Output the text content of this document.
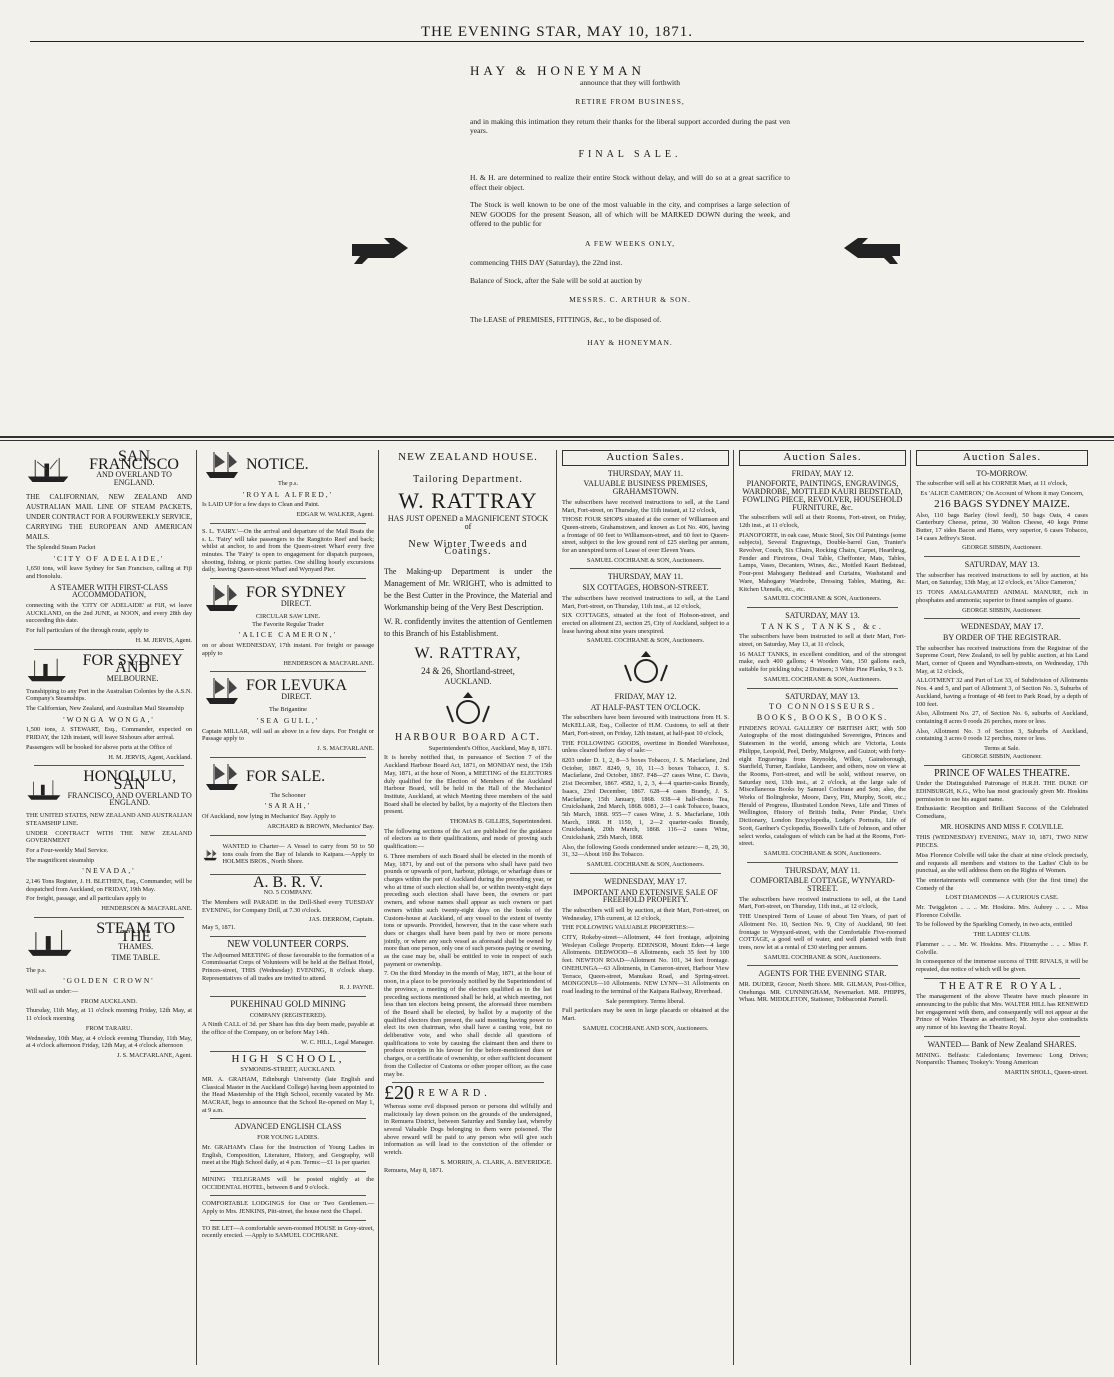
THE EVENING STAR, MAY 10, 1871.
HAY & HONEYMAN
announce that they will forthwith
RETIRE FROM BUSINESS,

and in making this intimation they return their thanks for the liberal support accorded during the past ven years.

FINAL SALE.

H. & H. are determined to realize their entire Stock without delay, and will do so at a great sacrifice to effect their object.

The Stock is well known to be one of the most valuable in the city, and comprises a large selection of NEW GOODS for the present Season, all of which will be MARKED DOWN during the week, and offered to the public for

A FEW WEEKS ONLY,

commencing THIS DAY (Saturday), the 22nd inst.

Balance of Stock, after the Sale will be sold at auction by

MESSRS. C. ARTHUR & SON.

The LEASE of PREMISES, FITTINGS, &c., to be disposed of.

HAY & HONEYMAN.
SAN FRANCISCO
AND OVERLAND TO ENGLAND.

THE CALIFORNIAN, NEW ZEALAND AND AUSTRALIAN MAIL LINE OF STEAM PACKETS, UNDER CONTRACT FOR A FOURWEEKLY SERVICE, CARRYING THE EUROPEAN AND AMERICAN MAILS.

The Splendid Steam Packet

'CITY OF ADELAIDE,'

1,650 tons, will leave Sydney for San Francisco, calling at Fiji and Honolulu.

A STEAMER WITH FIRST-CLASS ACCOMMODATION,

connecting with the 'CITY OF ADELAIDE' at FIJI, wi leave AUCKLAND, on the 2nd JUNE, at NOON, and every 28th day succeeding this date.

For full particulars of the through route, apply to

H. M. JERVIS, Agent.
FOR SYDNEY AND
MELBOURNE.

Transhipping to any Port in the Australian Colonies by the A.S.N. Company's Steamships.

The Californian, New Zealand, and Australian Mail Steamship

'WONGA WONGA,'

1,500 tons, J. STEWART, Esq., Commander, expected on FRIDAY, the 12th instant, will leave Sixhours after arrival.

Passengers will be booked for above ports at the Office of

H. M. JERVIS, Agent, Auckland.
HONOLULU, SAN
FRANCISCO, AND OVERLAND TO ENGLAND.

THE UNITED STATES, NEW ZEALAND AND AUSTRALIAN STEAMSHIP LINE.

UNDER CONTRACT WITH THE NEW ZEALAND GOVERNMENT

For a Four-weekly Mail Service.

The magnificent steamship

'NEVADA,'

2,146 Tons Register, J. H. BLETHEN, Esq., Commander, will be despatched from Auckland, on FRIDAY, 19th May.

For freight, passage, and all particulars apply to

HENDERSON & MACFARLANE.
STEAM TO THE
THAMES.
TIME TABLE.

The p.s.

'GOLDEN CROWN'

Will sail as under:—

FROM AUCKLAND.

Thursday, 11th May, at 11 o'clock morning Friday, 12th May, at 11 o'clock morning

FROM TARARU.

Wednesday, 10th May, at 4 o'clock evening Thursday, 11th May, at 4 o'clock afternoon Friday, 12th May, at 4 o'clock afternoon

J. S. MACFARLANE, Agent.
NOTICE.
The p.s.
'ROYAL ALFRED,'

Is LAID UP for a few days to Clean and Paint.

EDGAR W. WALKER, Agent.

S. L. 'FAIRY.'—On the arrival and departure of the Mail Boats the s. L. 'Fairy' will take passengers to the Rangitoto Reef and back; whilst at anchor, to and from the Queen-street Wharf every five minutes. The 'Fairy' is open to engagement for dispatch purposes, shooting, fishing, or picnic parties. One shilling hourly excursions daily, leaving Queen-street Wharf and Wynyard Pier.

FOR SYDNEY
DIRECT.
CIRCULAR SAW LINE.
The Favorite Regular Trader
'ALICE CAMERON,'

on or about WEDNESDAY, 17th instant. For freight or passage apply to

HENDERSON & MACFARLANE.
FOR LEVUKA
DIRECT.
The Brigantine
'SEA GULL,'

Captain MILLAR, will sail as above in a few days. For Freight or Passage apply to

J. S. MACFARLANE.
FOR SALE.
The Schooner
'SARAH,'

Of Auckland, now lying in Mechanics' Bay. Apply to

ARCHARD & BROWN, Mechanics' Bay.

WANTED to Charter— A Vessel to carry from 50 to 50 tons coals from the Bay of Islands to Kaipara.—Apply to HOLMES BROS., North Shore.

A. B. R. V.
NO. 5 COMPANY.

The Members will PARADE in the Drill-Shed every TUESDAY EVENING, for Company Drill, at 7.30 o'clock.

JAS. DERROM, Captain.
May 5, 1871.
NEW VOLUNTEER CORPS.

The Adjourned MEETING of those favourable to the formation of a Commissariat Corps of Volunteers will be held at the Belfast Hotel, Princes-street, THIS (Wednesday) EVENING, 8 o'clock sharp. Representatives of all trades are invited to attend.

R. J. PAYNE.
PUKEHINAU GOLD MINING
COMPANY (REGISTERED).

A Ninth CALL of 3d. per Share has this day been made, payable at the office of the Company, on or before May 14th.

W. C. HILL, Legal Manager.
HIGH SCHOOL,
SYMONDS-STREET, AUCKLAND.

MR. A. GRAHAM, Edinburgh University (late English and Classical Master in the Auckland College) having been appointed to the Head Mastership of the High School, recently vacated by Mr. MACRAE, begs to announce that the School Re-opened on May 1, at 9 a.m.

ADVANCED ENGLISH CLASS
FOR YOUNG LADIES.

Mr. GRAHAM's Class for the Instruction of Young Ladies in English, Composition, Literature, History, and Geography, will meet at the High School daily, at 4 p.m. Terms:—£1 1s per quarter.

MINING TELEGRAMS will be posted nightly at the OCCIDENTAL HOTEL, between 8 and 9 o'clock.

COMFORTABLE LODGINGS for One or Two Gentlemen.—Apply to Mrs. JENKINS, Pitt-street, the house next the Chapel.

TO BE LET—A comfortable seven-roomed HOUSE in Grey-street, recently erected. —Apply to SAMUEL COCHRANE.

NEW ZEALAND HOUSE.
Tailoring Department.
W. RATTRAY
HAS JUST OPENED a MAGNIFICENT STOCK of
New Winter Tweeds and Coatings.

The Making-up Department is under the Management of Mr. WRIGHT, who is admitted to be the Best Cutter in the Province, the Material and Workmanship being of the Very Best Description.

W. R. confidently invites the attention of Gentlemen to this Branch of his Establishment.

W. RATTRAY,
24 & 26, Shortland-street,
AUCKLAND.
HARBOUR BOARD ACT.
Superintendent's Office, Auckland, May 8, 1871.

It is hereby notified that, in pursuance of Section 7 of the Auckland Harbour Board Act, 1871, on MONDAY next, the 15th May, 1871, at the hour of Noon, a MEETING of the ELECTORS duly qualified for the Election of Members of the Auckland Harbour Board, will be held in the Hall of the Mechanics' Institute, Auckland, at which Meeting three members of the said Board shall be elected by ballot, by a majority of the Electors then present.

THOMAS B. GILLIES, Superintendent.

The following sections of the Act are published for the guidance of electors as to their qualifications, and mode of proving such qualification:—

6. Three members of such Board shall be elected in the month of May, 1871, by and out of the persons who shall have paid two pounds or upwards of port, harbour, pilotage, or wharfage dues or charges within the port of Auckland during the preceding year, or who at time of such election shall be, or within twenty-eight days preceding such election shall have been, the owners or part owners, and whose names shall appear as such owners or part owners within such twenty-eight days on the books of the Custom-house at Auckland, of any vessel to the extent of twenty tons or upwards. Provided, however, that in the case where such dues or charges shall have been paid by two or more persons jointly, or where any such vessel as aforesaid shall be owned by more than one person, only one of such persons paying or owning, as the case may be, shall be entitled to vote in respect of such payment or ownership.

7. On the third Monday in the month of May, 1871, at the hour of noon, in a place to be previously notified by the Superintendent of the province, a meeting of the electors qualified as in the last preceding sections mentioned shall be held, at which meeting, not less than ten electors being present, the aforesaid three members of the Board shall be elected, by ballot by a majority of the qualified electors then present, the said meeting having power to elect its own chairman, who shall have a casting vote, but no deliberative vote, and who shall decide all questions of qualifications to vote by causing the claimant then and there to produce receipts in his favour for the before-mentioned dues or charges, or a certificate of ownership, or other sufficient document from the Collector of Customs or other proper officer, as the case may be.

£20 REWARD.

Whereas some evil disposed person or persons did wilfully and maliciously lay down poison on the grounds of the undersigned, in Remuera District, between Saturday and Sunday last, whereby several Valuable Dogs belonging to them were poisoned. The above reward will be paid to any person who will give such information as will lead to the conviction of the offender or wretch.

S. MORRIN, A. CLARK, A. BEVERIDGE.
Remuera, May 8, 1871.
Auction Sales.
THURSDAY, MAY 11.
VALUABLE BUSINESS PREMISES, GRAHAMSTOWN.

The subscribers have received instructions to sell, at the Land Mart, Fort-street, on Thursday, the 11th instant, at 12 o'clock,

THOSE FOUR SHOPS situated at the corner of Williamson and Queen-streets, Grahamstown, and known as Lot No. 406, having a frontage of 60 feet to Williamson-street, and 60 feet to Queen-street, subject to the low ground rent of £25 sterling per annum, for an unexpired term of Lease of over Eleven Years.

SAMUEL COCHRANE & SON, Auctioneers.
THURSDAY, MAY 11.
SIX COTTAGES, HOBSON-STREET.

The subscribers have received instructions to sell, at the Land Mart, Fort-street, on Thursday, 11th inst., at 12 o'clock,

SIX COTTAGES, situated at the foot of Hobson-street, and erected on allotment 23, section 25, City of Auckland, subject to a lease having about nine years unexpired.

SAMUEL COCHRANE & SON, Auctioneers.
FRIDAY, MAY 12.
AT HALF-PAST TEN O'CLOCK.

The subscribers have been favoured with instructions from H. S. McKELLAR, Esq., Collector of H.M. Customs, to sell at their Mart, Fort-street, on Friday, 12th instant, at half-past 10 o'clock,

THE FOLLOWING GOODS, overtime in Bonded Warehouse, unless cleared before day of sale:—

8203 under D. 1, 2, 8—3 boxes Tobacco, J. S. Macfarlane, 2nd October, 1867. 8249, 9, 10, 11—3 boxes Tobacco, J. S. Macfarlane, 2nd October, 1867. F48—27 cases Wine, C. Davis, 21st December, 1867. 4582, 1, 2, 3, 4—4 quarter-casks Brandy, Isaacs, 23rd December, 1867. 628—4 cases Brandy, J. S. Macfarlane, 15th January, 1868. 938—4 half-chests Tea, Cruickshank, 2nd March, 1868. 6081, 2—1 cask Tobacco, Isaacs, 5th March, 1868. 955—7 cases Wine, J. S. Macfarlane, 10th March, 1868. H 1159, 1, 2—2 quarter-casks Brandy, Cruickshank, 20th March, 1868. 116—2 cases Wine, Cruickshank, 25th March, 1868.

Also, the following Goods condemned under seizure:— 8, 29, 30, 31, 32—About 160 lbs Tobacco.

SAMUEL COCHRANE & SON, Auctioneers.
WEDNESDAY, MAY 17.
IMPORTANT AND EXTENSIVE SALE OF FREEHOLD PROPERTY.

The subscribers will sell by auction, at their Mart, Fort-street, on Wednesday, 17th current, at 12 o'clock,

THE FOLLOWING VALUABLE PROPERTIES:—

CITY, Rokeby-street—Allotment, 44 feet frontage, adjoining Wesleyan College Property. EDENSOR, Mount Eden—4 large Allotments. DEDWOOD—8 Allotments, each 35 feet by 100 feet. NEWTON ROAD—Allotment No. 101, 34 feet frontage. ONEHUNGA—63 Allotments, in Cameron-street, Harbour View Terrace, Queen-street, Manukau Road, and Spring-street. MONGONUI—10 Allotments. NEW LYNN—31 Allotments on road leading to the terminal of the Kaipara Railway, Riverhead.

Sale peremptory. Terms liberal.

Full particulars may be seen in large placards or obtained at the Mart.

SAMUEL COCHRANE AND SON, Auctioneers.
Auction Sales.
FRIDAY, MAY 12.
PIANOFORTE, PAINTINGS, ENGRAVINGS, WARDROBE, MOTTLED KAURI BEDSTEAD, FOWLING PIECE, REVOLVER, HOUSEHOLD FURNITURE, &c.

The subscribers will sell at their Rooms, Fort-street, on Friday, 12th inst., at 11 o'clock,

PIANOFORTE, in oak case, Music Stool, Six Oil Paintings (some subjects), Several Engravings, Double-barrel Gun, Tranter's Revolver, Couch, Six Chairs, Rocking Chairs, Carpet, Hearthrug, Fender and Fireirons, Oval Table, Cheffonier, Mats, Tables, Lamps, Vases, Decanters, Wines, &c., Mottled Kauri Bedstead, Four-post Mahogany Bedstead and Curtains, Washstand and Ware, Mahogany Wardrobe, Dressing Tables, Matting, &c. Kitchen Utensils, etc., etc.

SAMUEL COCHRANE & SON, Auctioneers.
SATURDAY, MAY 13.
TANKS, TANKS, &c.

The subscribers have been instructed to sell at their Mart, Fort-street, on Saturday, May 13, at 11 o'clock,

16 MALT TANKS, in excellent condition, and of the strongest make, each 400 gallons; 4 Wooden Vats, 150 gallons each, suitable for pickling tubs; 2 Drainers; 3 White Pine Planks, 9 x 3.

SAMUEL COCHRANE & SON, Auctioneers.
SATURDAY, MAY 13.
TO CONNOISSEURS.
BOOKS, BOOKS, BOOKS.

FINDEN'S ROYAL GALLERY OF BRITISH ART, with 500 Autographs of the most distinguished Sovereigns, Princes and Statesmen in the world, among which are Victoria, Louis Philippe, Leopold, Peel, Derby, Mulgrove, and Guizot; with forty-eight Engravings from Reynolds, Wilkie, Gainsborough, Stanfield, Turner, Eastlake, Landseer, and others, now on view at the Rooms, Fort-street, and will be sold, without reserve, on Saturday next, 13th inst., at 2 o'clock, at the large sale of Miscellaneous Books by Samuel Cochrane and Son; also, the Works of Bolingbroke, Moore, Davy, Pitt, Murphy, Scott, etc.; Herald of Progress, Illustrated London News, Life and Times of Wellington, History of British India, Peter Pindar, Ure's Dictionary, London Encyclopedia, Lodge's Portraits, Life of Scott, Gardner's Cyclopedia, Boswell's Life of Johnson, and other select works, catalogues of which can be had at the Rooms, Fort-street.

SAMUEL COCHRANE & SON, Auctioneers.
THURSDAY, MAY 11.
COMFORTABLE COTTAGE, WYNYARD-STREET.

The subscribers have received instructions to sell, at the Land Mart, Fort-street, on Thursday, 11th inst., at 12 o'clock,

THE Unexpired Term of Lease of about Ten Years, of part of Allotment No. 10, Section No. 9, City of Auckland, 90 feet frontage to Wynyard-street, with the Comfortable Five-roomed COTTAGE, a good well of water, and well planted with fruit trees, now let at a rental of £30 sterling per annum.

SAMUEL COCHRANE & SON, Auctioneers.
AGENTS FOR THE EVENING STAR.

MR. DUDER, Grocer, North Shore. MR. GILMAN, Post-Office, Onehunga. MR. CUNNINGHAM, Newmarket. MR. PHIPPS, Whau. MR. MIDDLETON, Stationer, Tobbaconist Parnell.

Auction Sales.
TO-MORROW.

The subscriber will sell at his CORNER Mart, at 11 o'clock,

Ex 'ALICE CAMERON,' On Account of Whom it may Concern,
216 BAGS SYDNEY MAIZE.

Also, 110 bags Barley (fowl feed), 50 bags Oats, 4 cases Canterbury Cheese, prime, 30 Walton Cheese, 40 kegs Prime Butter, 17 sides Bacon and Hams, very superior, 6 cases Tobacco, 14 cases Jeffrey's Stout.

GEORGE SIBBIN, Auctioneer.
SATURDAY, MAY 13.

The subscriber has received instructions to sell by auction, at his Mart, on Saturday, 13th May, at 12 o'clock, ex 'Alice Cameron,'

15 TONS AMALGAMATED ANIMAL MANURE, rich in phosphates and ammonia; superior to finest samples of guano.

GEORGE SIBBIN, Auctioneer.
WEDNESDAY, MAY 17.
BY ORDER OF THE REGISTRAR.

The subscriber has received instructions from the Registrar of the Supreme Court, New Zealand, to sell by public auction, at his Land Mart, corner of Queen and Wyndham-streets, on Wednesday, 17th May, at 12 o'clock,

ALLOTMENT 32 and Part of Lot 33, of Subdivision of Allotments Nos. 4 and 5, and part of Allotment 3, of Section No. 3, Suburbs of Auckland, having a frontage of 48 feet to Park Road, by a depth of 100 feet.

Also, Allotment No. 27, of Section No. 6, suburbs of Auckland, containing 8 acres 0 roods 26 perches, more or less.

Also, Allotment No. 3 of Section 3, Suburbs of Auckland, containing 3 acres 0 roods 12 perches, more or less.

Terms at Sale.
GEORGE SIBBIN, Auctioneer.
PRINCE OF WALES THEATRE.

Under the Distinguished Patronage of H.R.H. THE DUKE OF EDINBURGH, K.G., Who has most graciously given Mr. Hoskins permission to use his august name.

Enthusiastic Reception and Brilliant Success of the Celebrated Comedians,

MR. HOSKINS AND MISS F. COLVILLE.

THIS (WEDNESDAY) EVENING, MAY 10, 1871, TWO NEW PIECES.

Miss Florence Colville will take the chair at nine o'clock precisely, and requests all members and visitors to the Ladies' Club to be punctual, as she will address them on the Rights of Women.

The entertainments will commence with (for the first time) the Comedy of the

LOST DIAMONDS — A CURIOUS CASE.

Mr. Twiggleton .. .. .. Mr. Hoskins. Mrs. Aubrey .. .. .. Miss Florence Colville.

To be followed by the Sparkling Comedy, in two acts, entitled

THE LADIES' CLUB.

Flammer .. .. .. Mr. W. Hoskins. Mrs. Fitzsmythe .. .. .. Miss F. Colville.

In consequence of the immense success of THE RIVALS, it will be repeated, due notice of which will be given.

THEATRE ROYAL.

The management of the above Theatre have much pleasure in announcing to the public that Mrs. WALTER HILL has RENEWED her engagement with them, and consequently will not appear at the Prince of Wales Theatre as advertised; Mr. Joyce also contradicts any rumor of his leaving the Theatre Royal.

WANTED— Bank of New Zealand SHARES.

MINING. Belfasts: Caledonians; Inverness: Long Drives; Nonpareils: Thames; Tookey's: Young American

MARTIN SHOLL, Queen-street.
